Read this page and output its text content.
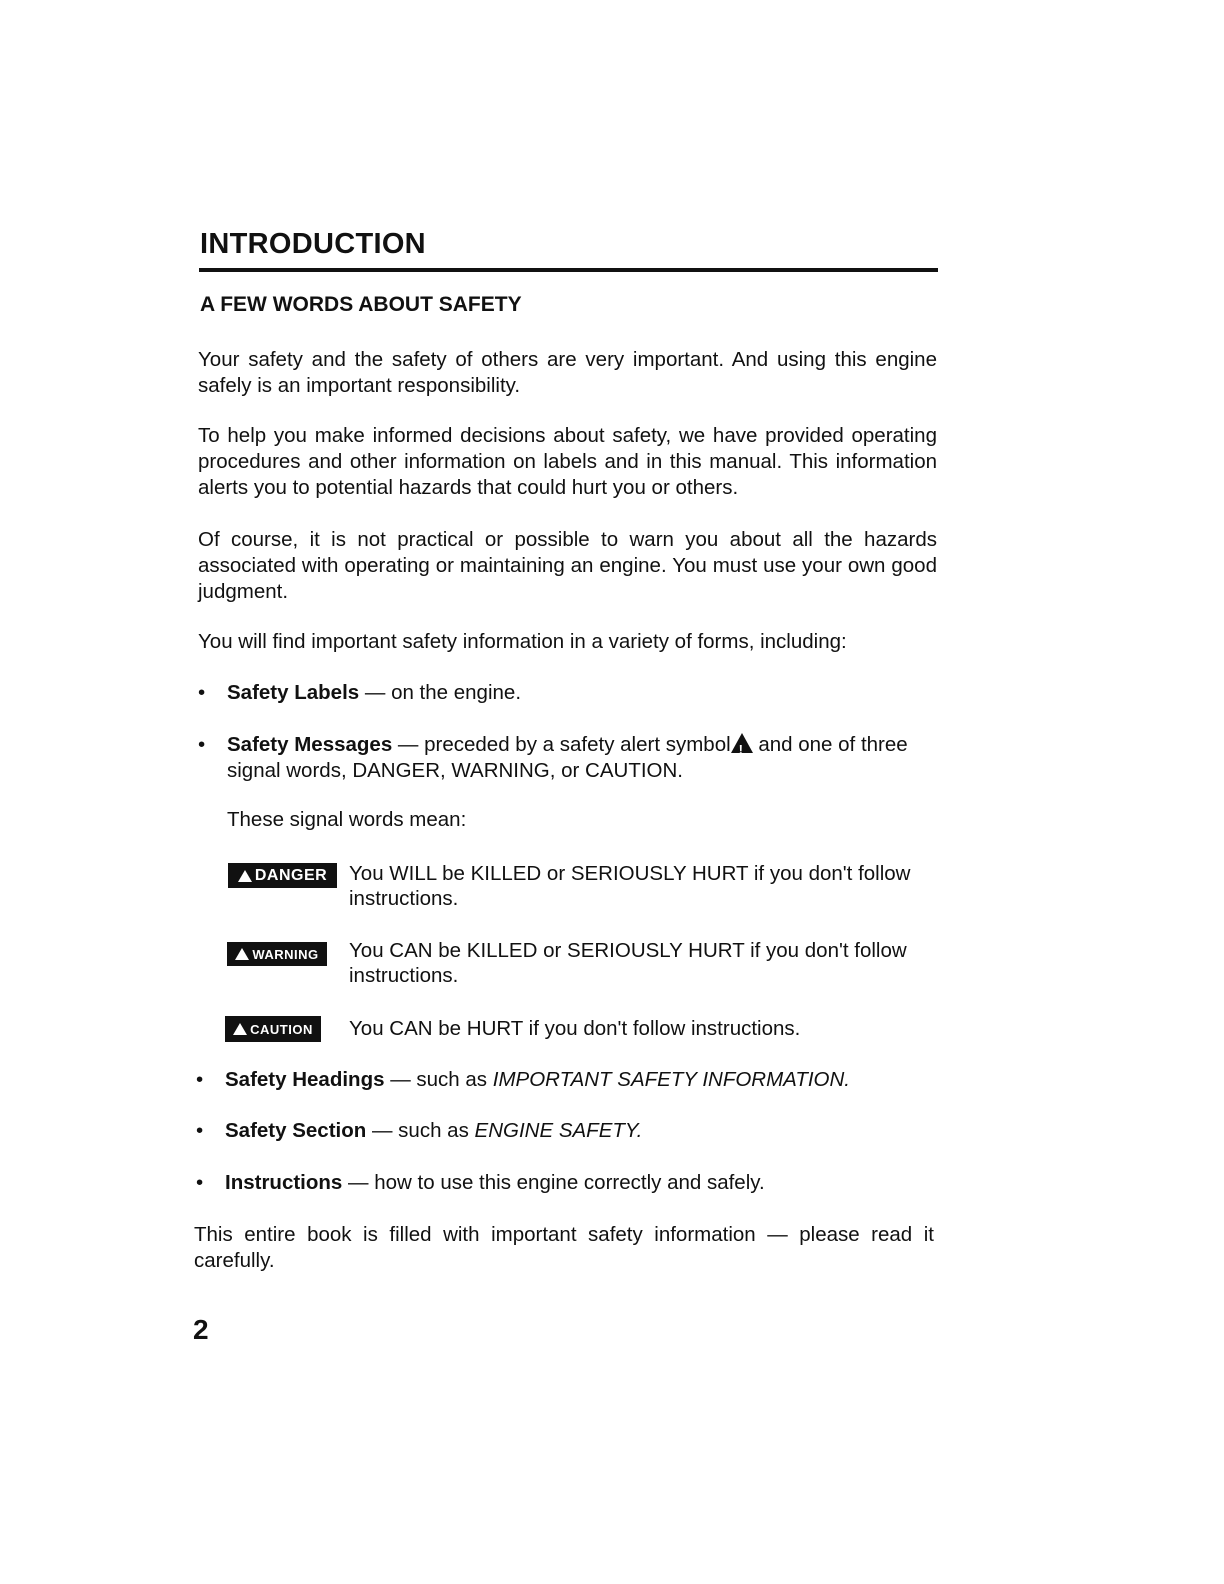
INTRODUCTION
A FEW WORDS ABOUT SAFETY

Your safety and the safety of others are very important. And using this engine safely is an important responsibility.

To help you make informed decisions about safety, we have provided operating procedures and other information on labels and in this manual. This information alerts you to potential hazards that could hurt you or others.

Of course, it is not practical or possible to warn you about all the hazards associated with operating or maintaining an engine. You must use your own good judgment.

You will find important safety information in a variety of forms, including:

• Safety Labels — on the engine.
• Safety Messages — preceded by a safety alert symbol! and one of three signal words, DANGER, WARNING, or CAUTION.
These signal words mean:
DANGER You WILL be KILLED or SERIOUSLY HURT if you don't follow instructions.
WARNING You CAN be KILLED or SERIOUSLY HURT if you don't follow instructions.
CAUTION You CAN be HURT if you don't follow instructions.
• Safety Headings — such as IMPORTANT SAFETY INFORMATION.
• Safety Section — such as ENGINE SAFETY.
• Instructions — how to use this engine correctly and safely.

This entire book is filled with important safety information — please read it carefully.

2
